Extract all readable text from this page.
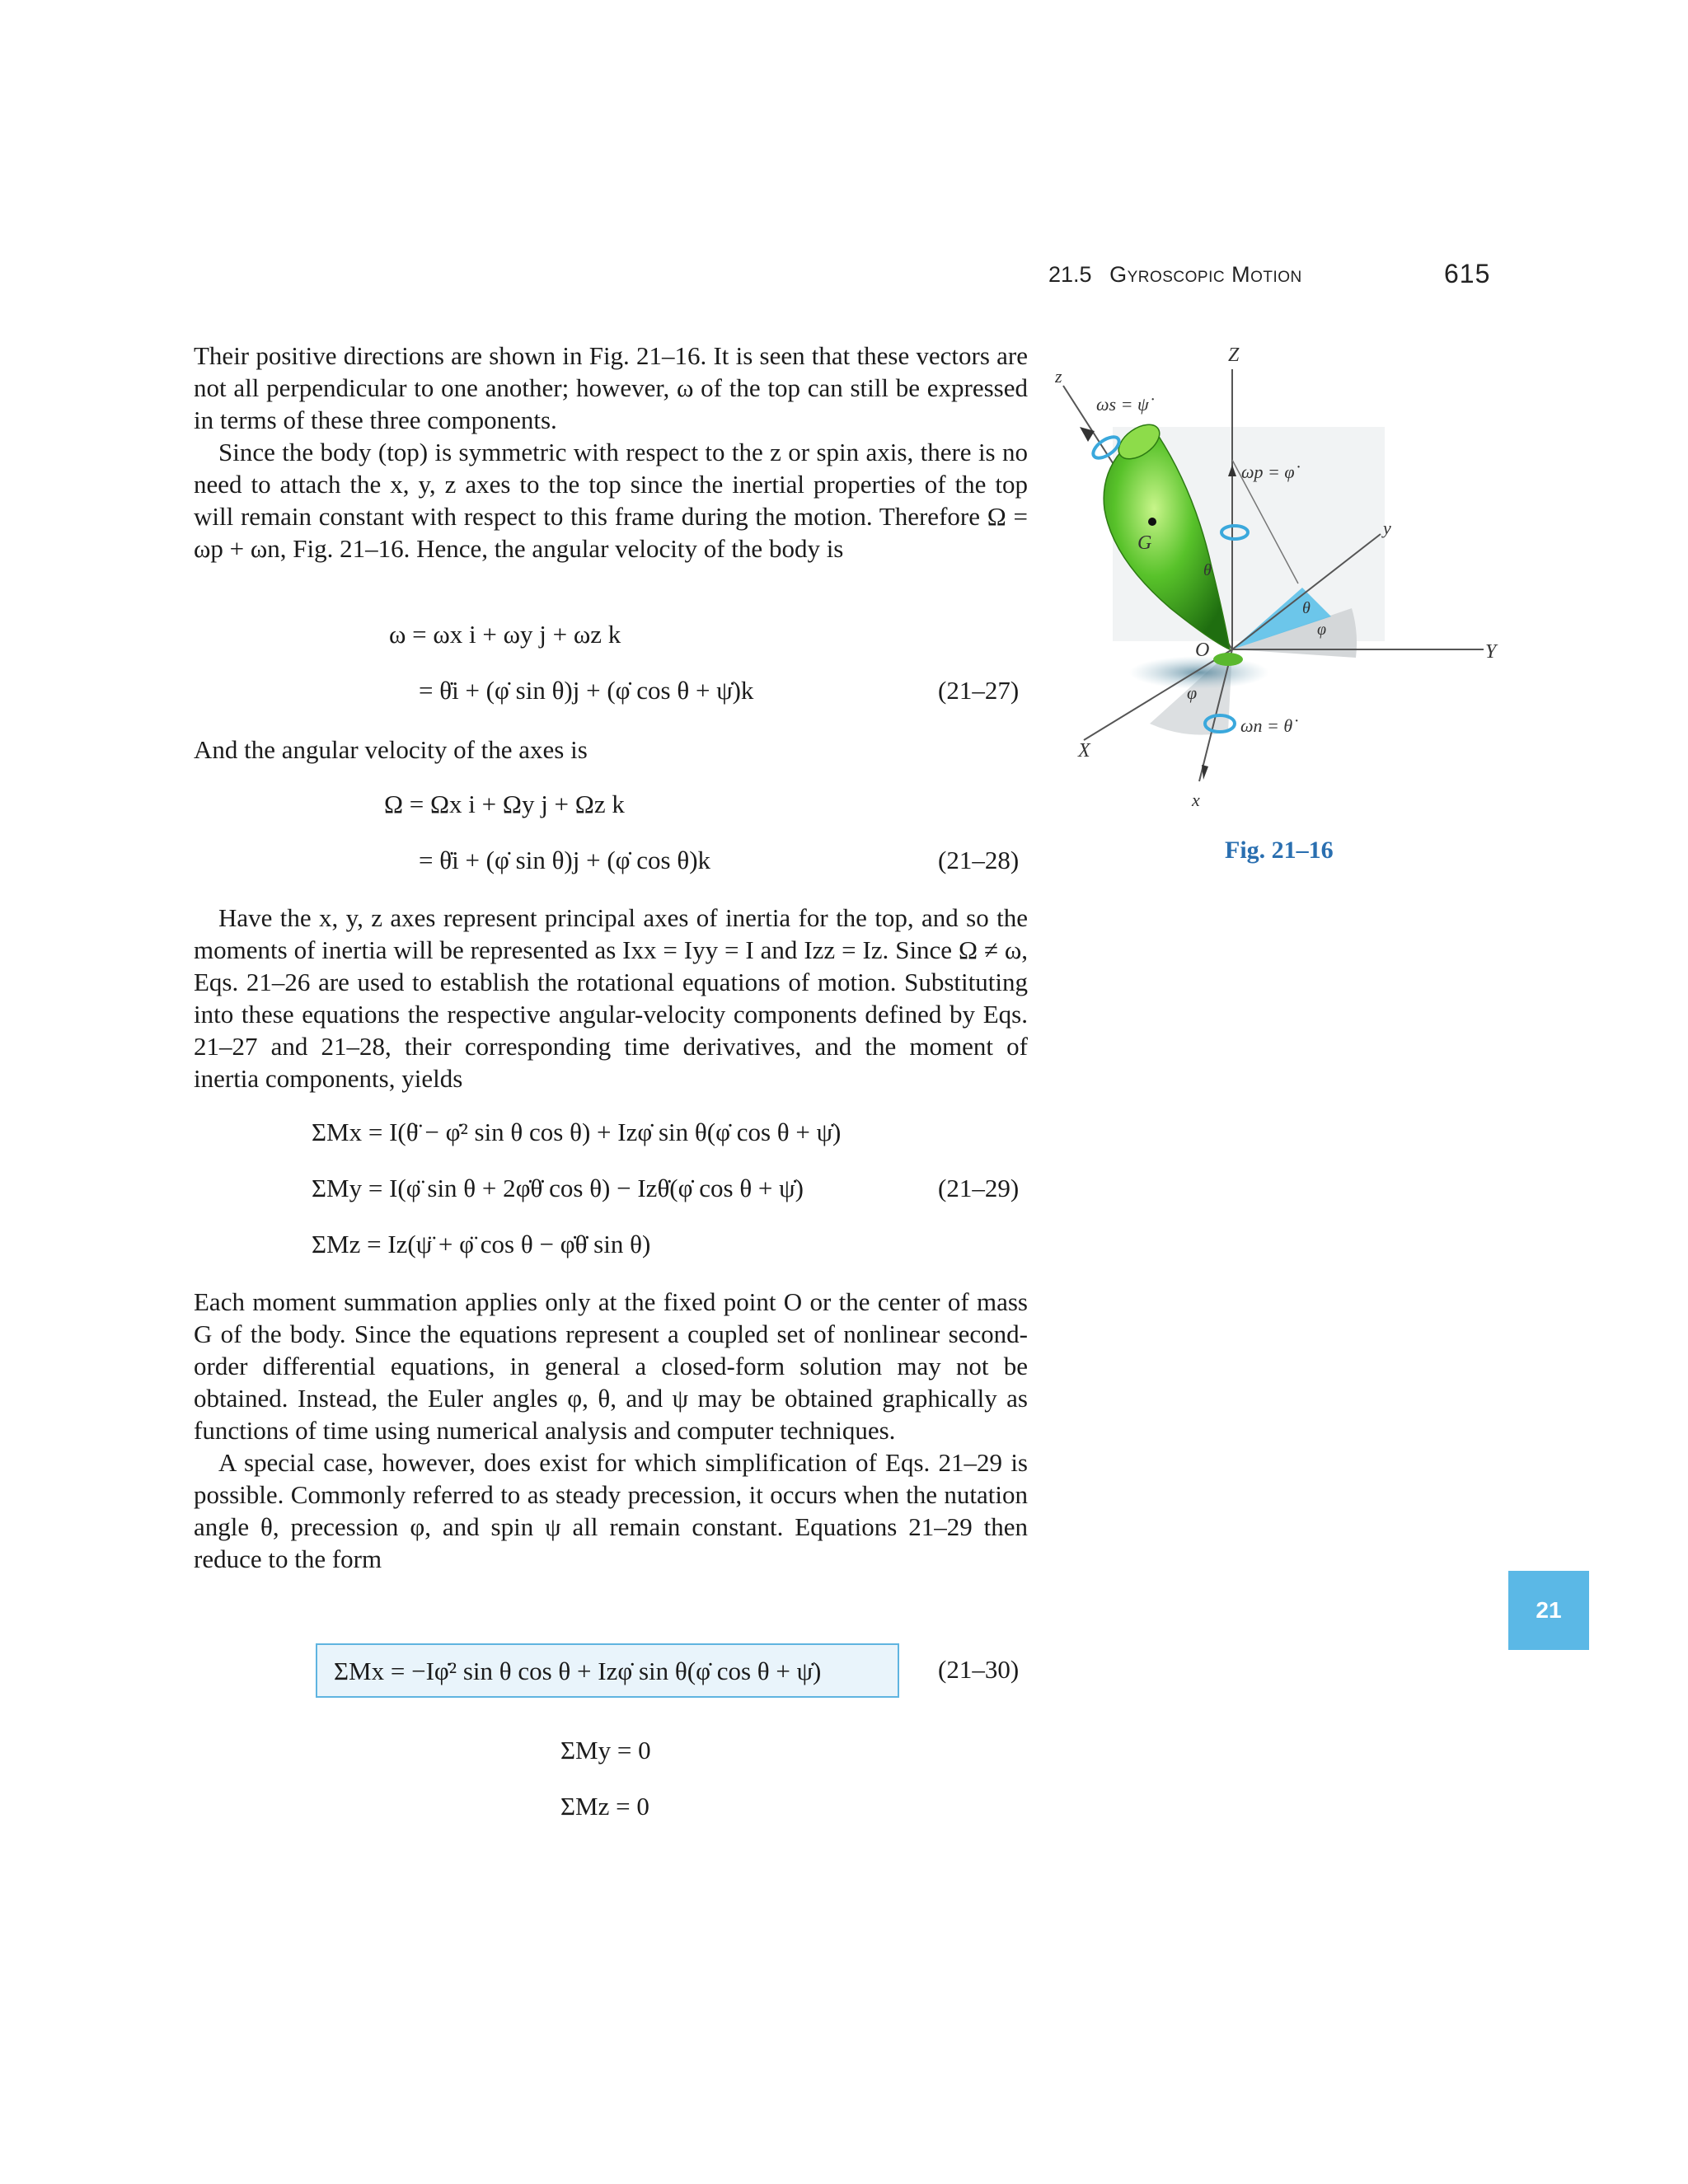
21.5 Gyroscopic Motion	615

Their positive directions are shown in Fig. 21–16. It is seen that these vectors are not all perpendicular to one another; however, ω of the top can still be expressed in terms of these three components.

Since the body (top) is symmetric with respect to the z or spin axis, there is no need to attach the x, y, z axes to the top since the inertial properties of the top will remain constant with respect to this frame during the motion. Therefore Ω = ωp + ωn, Fig. 21–16. Hence, the angular velocity of the body is

ω = ωx i + ωy j + ωz k
= θ̇i + (φ̇ sin θ)j + (φ̇ cos θ + ψ̇)k	(21–27)

And the angular velocity of the axes is

Ω = Ωx i + Ωy j + Ωz k
= θ̇i + (φ̇ sin θ)j + (φ̇ cos θ)k	(21–28)

Have the x, y, z axes represent principal axes of inertia for the top, and so the moments of inertia will be represented as Ixx = Iyy = I and Izz = Iz. Since Ω ≠ ω, Eqs. 21–26 are used to establish the rotational equations of motion. Substituting into these equations the respective angular-velocity components defined by Eqs. 21–27 and 21–28, their corresponding time derivatives, and the moment of inertia components, yields

ΣMx = I(θ̈ − φ̇² sin θ cos θ) + Izφ̇ sin θ(φ̇ cos θ + ψ̇)
ΣMy = I(φ̈ sin θ + 2φ̇θ̇ cos θ) − Izθ̇(φ̇ cos θ + ψ̇)
ΣMz = Iz(ψ̈ + φ̈ cos θ − φ̇θ̇ sin θ)
(21–29)

Each moment summation applies only at the fixed point O or the center of mass G of the body. Since the equations represent a coupled set of nonlinear second-order differential equations, in general a closed-form solution may not be obtained. Instead, the Euler angles φ, θ, and ψ may be obtained graphically as functions of time using numerical analysis and computer techniques.

A special case, however, does exist for which simplification of Eqs. 21–29 is possible. Commonly referred to as steady precession, it occurs when the nutation angle θ, precession φ, and spin ψ all remain constant. Equations 21–29 then reduce to the form

ΣMx = −Iφ̇² sin θ cos θ + Izφ̇ sin θ(φ̇ cos θ + ψ̇)	(21–30)
ΣMy = 0
ΣMz = 0
Z
z
Y
y
X
x
O
G
θ
θ
φ
φ
ωs = ψ̇
ωp = φ̇
ωn = θ̇
Fig. 21–16
21
